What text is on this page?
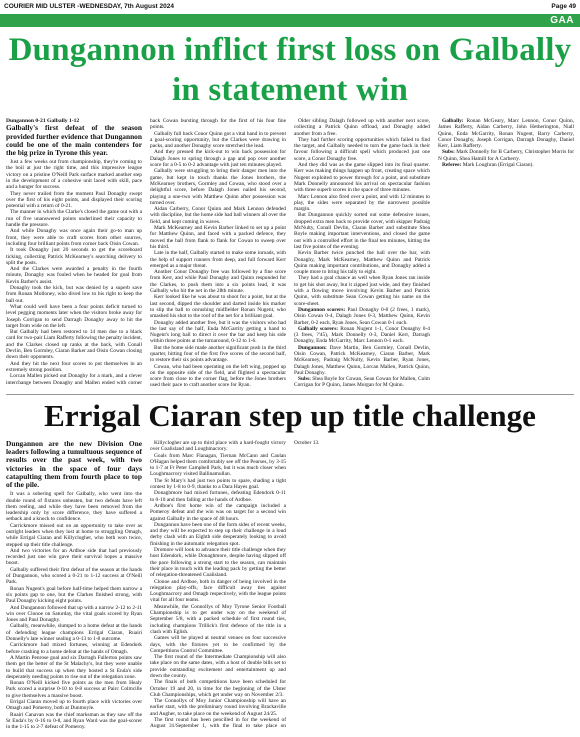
COURIER MID ULSTER -WEDNESDAY, 7th August 2024	Page 49
GAA
Dungannon inflict first loss on Galbally in statement win

Dungannon 0-21 Galbally 1-12

Galbally's first defeat of the season provided further evidence that Dungannon could be one of the main contenders for the big prize in Tyrone this year.

Just a few weeks out from championship, they're coming to the boil at just the right time, and this impressive league victory on a pristine O'Neill Park surface marked another step in the development of a cohesive unit laced with skill, pace and a hunger for success.

They never trailed from the moment Paul Donaghy swept over the first of his eight points, and displayed their scoring potential with a return of 0-21.

The manner in which the Clarke's closed the game out with a run of five unanswered points underlined their capacity to handle the pressure.

And while Donaghy was once again their go-to man up front, they were able to craft scores from other sources, including four brilliant points from corner back Oisin Cowan.

It took Donaghy just 20 seconds to get the scoreboard ticking, collecting Patrick McKearney's searching delivery to split the posts.

And the Clarkes were awarded a penalty in the fourth minute, Donaghy was fouled when he headed for goal from Kevin Barber's assist.

Donaghy took the kick, but was denied by a superb save from Ronan Molloney, who dived low to his right to keep the ball out.

What could well have been a four points deficit turned to level pegging moments later when the visitors broke away for Joseph Corrigan to send Darragh Donaghy away to hit the target from wide on the left.

But Galbally had been restored to 14 men due to a black card for two-pair Liam Rafferty following the penalty incident, and the Clarkes closed up ranks at the back, with Conall Devlin, Ben Gormley, Ciaran Barker and Oisin Cowan closing down their opponents.

And they hit the next four scores to put themselves in an extremely strong position.

Lorcan Mallen picked out Donaghy for a mark, and a clever interchange between Donaghy and Mallen ended with corner back Cowan bursting through for the first of his four fine points.

Galbally full back Conor Quinn got a vital hand in to prevent a goal-scoring opportunity, but the Clarkes were drawing in packs, and another Donaghy score stretched the lead.

And they pressed the kick-out to win back possession for Dalagh Jones to spring through a gap and pop over another score for a 0-5 to 0-2 advantage with just ten minutes played.

Galbally were struggling to bring their danger men into the game, but kept in touch thanks the Jones brothers, the McKearney brothers, Gormley and Cowan, who stood over a delightful score, before Dalagh Jones nailed his second, playing a one-two with Matthew Quinn after possession was turned over.

Aidan Carberry, Conor Quinn and Mark Lennon defended with discipline, but the home side had ball winners all over the field, and kept coming in waves.

Mark McKearney and Kevin Barber linked to set up a point for Matthew Quinn, and faced with a packed defence, they moved the ball from flank to flank for Cowan to sweep over his third.

Late in the half, Galbally started to make some inroads, with the help of support runners from deep, and full forward Kerr emerged as a major threat.

Another Conor Donaghy free was followed by a fine score from Kerr, and while Paul Donaghy and Quinn responded for the Clarkes, to push them into a six points lead, it was Galbally who hit the net in the 28th minute.

Kerr looked like he was about to shoot for a point, but at the last second, dipped the shoulder and darted inside his marker to slip the ball to onrushing midfielder Ronan Nugent, who smashed his shot to the roof of the net for a brilliant goal.

Donaghy added another free, but it was the visitors who had the last say of the half, Enda McGarrity getting a hand to Nugent's long ball to direct it over the bar and keep his side within three points at the turnaround, 0-12 to 1-6.

But the home side made another significant push in the third quarter, hitting four of the first five scores of the second half, to restore their six points advantage.

Cowan, who had been operating on the left wing, popped up on the opposite side of the field, and flighted a spectacular score from close to the corner flag, before the Jones brothers used their pace to craft another score for Ryan.

Older sibling Dalagh followed up with another next score, collecting a Patrick Quinn offload, and Donaghy added another from a free.

They had further scoring opportunities which failed to find the target, and Galbally needed to turn the game back in their favour following a difficult spell which produced just one score, a Conor Donaghy free.

And they did was as the game slipped into its final quarter. Kerr was making things happen up front, creating space which Nugent exploited to power through for a point, and substitute Mark Donnelly announced his arrival on spectacular fashion with three superb scores in the space of three minutes.

Marc Lennon also fired over a point, and with 12 minutes to play, the sides were separated by the narrowest possible margin.

But Dungannon quickly sorted out some defensive issues, dropped extra men back to provide cover, with skipper Padraig McNulty, Conall Devlin, Ciaran Barber and substitute Shea Boyle making important interventions, and closed the game out with a controlled effort in the final ten minutes, hitting the last five points of the evening.

Kevin Barber twice punched the ball over the bar, with Donaghy, Mark McKearney, Matthew Quinn and Patrick Quinn making important contributions, and Donaghy added a couple more to bring his tally to eight.

They had a goal chance as well when Ryan Jones ran inside to get his shot away, but it zipped just wide, and they finished with a flowing move involving Kevin Barber and Patrick Quinn, with substitute Sean Cowan getting his name on the score-sheet.

Dungannon scorers: Paul Donaghy 0-8 (2 frees, 1 mark), Oisin Cowan 0-4, Dalagh Jones 0-3, Matthew Quinn, Kevin Barber, 0-2 each, Ryan Jones, Sean Cowan 0-1 each.

Galbally scorers: Ronan Nugent 1-1, Conor Donaghy 0-4 (3 frees, ?'45), Mark Donnelly 0-3, Daniel Kerr, Darragh Donaghy, Enda McGarrity, Marc Lennon 0-1 each.

Dungannon: Dave Martin, Ben Gormley, Conall Devlin, Oisin Cowan, Patrick McKearney, Ciaran Barber, Mark McKearney, Padraig McNulty, Kevin Barber, Ryan Jones, Dalagh Jones, Matthew Quinn, Lorcan Mallen, Patrick Quinn, Paul Donaghy.

Subs: Shea Boyle for Cowan, Sean Cowan for Mallen, Colm Corrigan for P Quinn, James Morgan for M Quinn.

Galbally: Ronan McGeary, Marc Lennon, Conor Quinn, James Rafferty, Aidan Carberry, John Hetherington, Niall Quinn, Enda McGarrity, Ronan Nugent, Barry Carberry, Conor Donaghy, Joseph Corrigan, Darragh Donaghy, Daniel Kerr, Liam Rafferty.

Subs: Mark Donnelly for B Carberry, Christopher Morris for N Quinn, Shea Hamill for A Carberry.

Referee: Mark Loughran (Errigal Ciaran).

Errigal Ciaran step up title challenge

Dungannon are the new Division One leaders following a tumultuous sequence of results over the past week, with two victories in the space of four days catapulting them from fourth place to top of the pile.

It was a sobering spell for Galbally, who went into the double round of fixtures unbeaten, but two defeats have left them reeling, and while they have been removed from the leadership only by score difference, they have suffered a setback and a knock to confidence.

Carrickmore missed out on an opportunity to take over as outright leaders when they lost at home to struggling Omagh, while Errigal Ciaran and Killyclogher, who both won twice, stepped up their title challenge.

And two victories for an Ardboe side that had previously recorded just one win gave their survival hopes a massive boost.

Galbally suffered their first defeat of the season at the hands of Dungannon, who scored a 0-21 to 1-12 success at O'Neill Park.

Ronan Nugent's goal before half-time helped them narrow a six points gap to one, but the Clarkes finished strong, with Paul Donaghy kicking eight points.

And Dungannon followed that up with a narrow 2-12 to 2-11 win over Clonoe on Saturday, the vital goals scored by Ryan Jones and Paul Donaghy.

Galbally, meanwhile, slumped to a home defeat at the hands of defending league champions Errigal Ciaran, Ruairi Donnelly's late winner sealing a 0-13 to 1-8 outcome.

Carrickmore had mixed fortunes, winning at Edendork before crashing to a home defeat at the hands of Omagh.

A Martin Penrose goal and six Darragh Fullerton points saw them get the better of the St Malachy's, but they were unable to build that success up when they hosted a St Enda's side desperately needing points to rise out of the relegation zone.

Ronan O'Neill kicked five points as the men from Healy Park scored a surprise 0-10 to 0-8 success at Pairc Colmcille to give themselves a massive boost.

Errigal Ciaran moved up to fourth place with victories over Omagh and Pomeroy, both at Dunmoyle.

Ruairi Canavan was the chief marksman as they saw off the St Enda's by 0-16 to 0-8, and Ryan Ward was the goal-scorer in the 1-15 to 2-7 defeat of Pomeroy.

Killyclogher are up to third place with a hard-fought victory over Coalisland and Loughmacrory.

Goals from Marc Flanagan, Tiernan McCann and Caolan O'Hagan helped them comfortably see off the Pearses, by 3-15 to 1-7 at Fr Peter Campbell Park, but it was much closer when Loughmacrory visited Ballinamullan.

The St Mary's had just two points to spare, shading a tight contest by 1-8 to 0-9, thanks to a Dara Hayes goal.

Donaghmore had mixed fortunes, defeating Edendork 0-11 to 0-10 and then falling at the hands of Ardboe.

Ardboe's first home win of the campaign included a Pomeroy defeat and the win was on target for a second win against Galbally in the space of 48 hours.

Dungannon have been one of the form sides of recent weeks, and they will be expected to step up their challenge in a loud derby clash with an Eighth side desperately looking to avoid finishing in the automatic relegation spot.

Dromore will look to advance their title challenge when they host Edendork, while Donaghmore, despite having slipped off the pace following a strong start to the season, can maintain their place in touch with the leading pack by getting the better of relegation-threatened Coalisland.

Clonoe and Ardboe, both in danger of being involved in the relegation play-offs, face difficult away ties against Loughmacrory and Omagh respectively, with the league points vital for all four teams.

Meanwhile, the Connollys of Moy Tyrone Senior Football Championship is to get under way on the weekend of September 5/8, with a packed schedule of first round ties, including champions Trillick's first defence of the title in a clash with Eglish.

Games will be played at neutral venues on four successive days, with the fixtures yet to be confirmed by the Competitions Control Committee.

The first round of the Intermediate Championship will also take place on the same dates, with a host of double bills set to provide outstanding excitement and entertainment up and down the county.

The finals of both competitions have been scheduled for October 19 and 20, in time for the beginning of the Ulster Club Championships, which get under way on November 2/3.

The Connollys of Moy Junior Championship will have an earlier start, with the preliminary round involving Brackaville and Augher, to take place on the weekend of August 24/25.

The first round has been pencilled in for the weekend of August 31/September 1, with the final to take place on October 13.
